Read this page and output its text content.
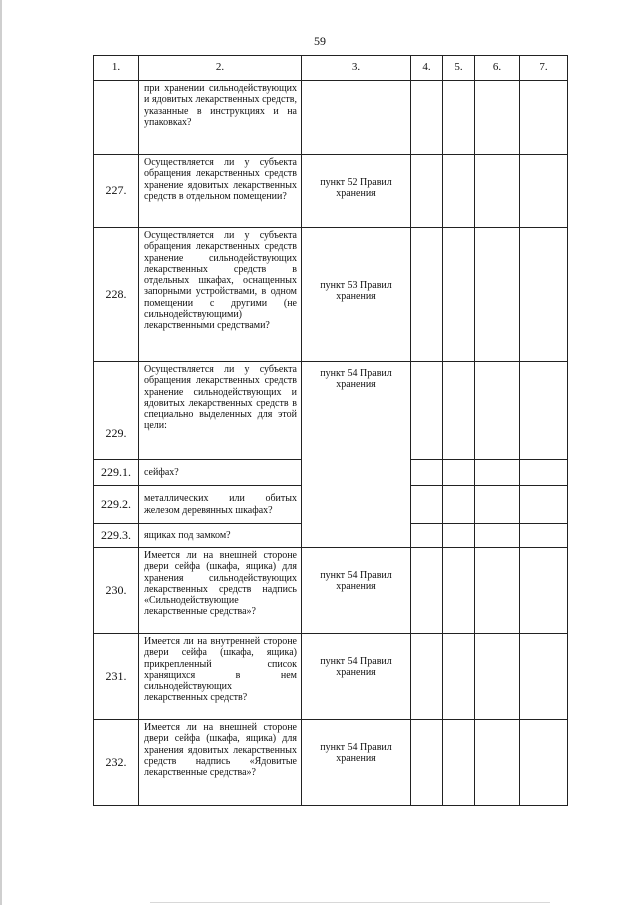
59
1.	2.	3.	4.	5.	6.	7.

	при хранении сильнодействующих и ядовитых лекарственных средств, указанные в инструкциях и на упаковках?					

227.	Осуществляется ли у субъекта обращения лекарственных средств хранение ядовитых лекарственных средств в отдельном помещении?	пункт 52 Правил хранения				

228.	Осуществляется ли у субъекта обращения лекарственных средств хранение сильнодействующих лекарственных средств в отдельных шкафах, оснащенных запорными устройствами, в одном помещении с другими (не сильнодействующими) лекарственными средствами?	пункт 53 Правил хранения				

229.	Осуществляется ли у субъекта обращения лекарственных средств хранение сильнодействующих и ядовитых лекарственных средств в специально выделенных для этой цели:	пункт 54 Правил хранения				

229.1.	сейфах?					

229.2.	металлических или обитых железом деревянных шкафах?					

229.3.	ящиках под замком?					

230.	Имеется ли на внешней стороне двери сейфа (шкафа, ящика) для хранения сильнодействующих лекарственных средств надпись «Сильнодействующие лекарственные средства»?	пункт 54 Правил хранения				

231.	Имеется ли на внутренней стороне двери сейфа (шкафа, ящика) прикрепленный список хранящихся в нем сильнодействующих лекарственных средств?	пункт 54 Правил хранения				

232.	Имеется ли на внешней стороне двери сейфа (шкафа, ящика) для хранения ядовитых лекарственных средств надпись «Ядовитые лекарственные средства»?	пункт 54 Правил хранения				
